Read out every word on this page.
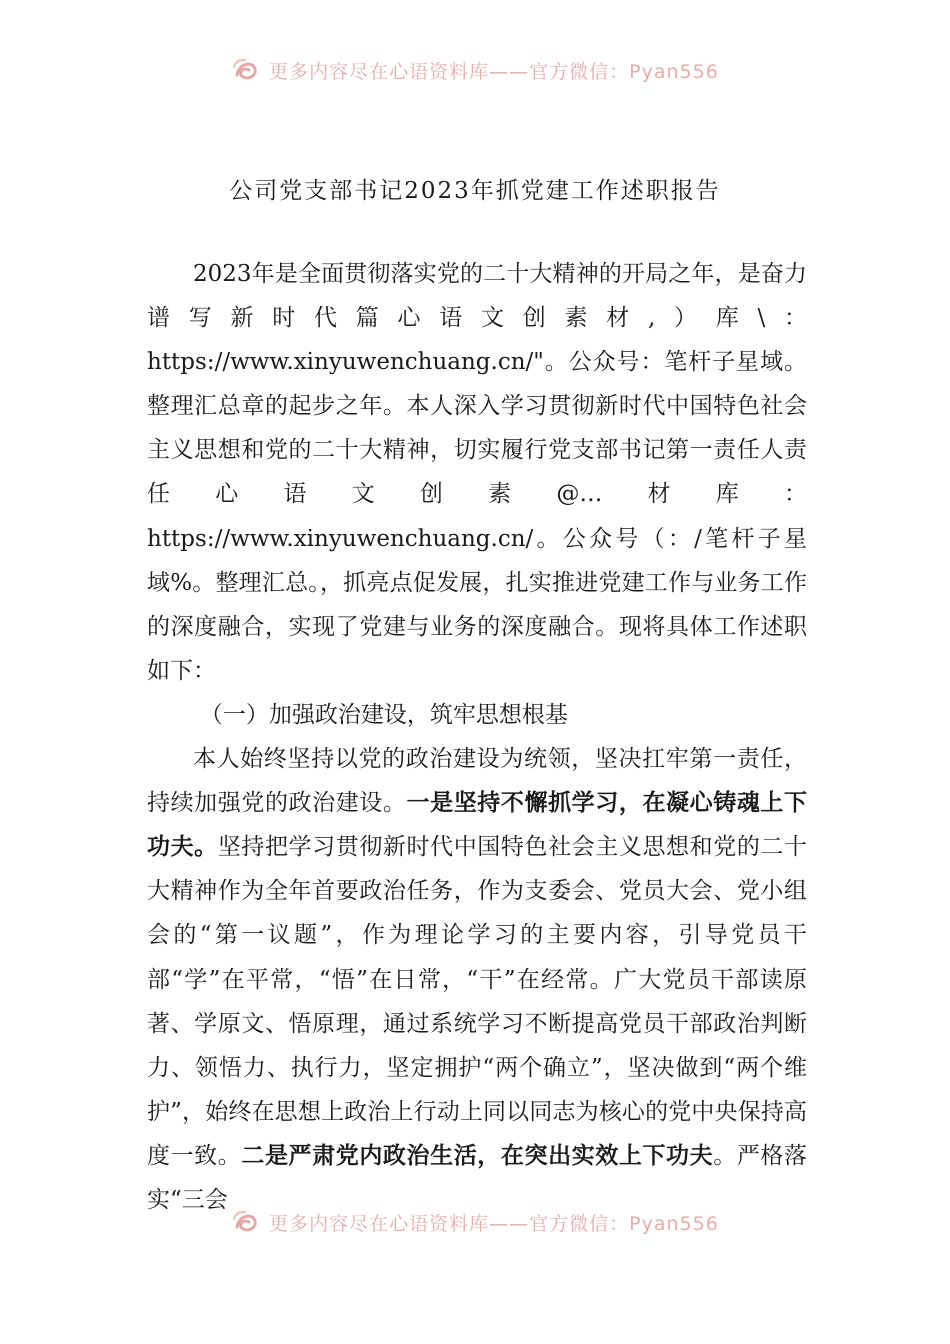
更多内容尽在心语资料库——官方微信：Pyan556
公司党支部书记2023年抓党建工作述职报告

2023年是全面贯彻落实党的二十大精神的开局之年，是奋力谱写新时代篇心语文创素材,）库\：https://www.xinyuwenchuang.cn/"。公众号：笔杆子星域。整理汇总章的起步之年。本人深入学习贯彻新时代中国特色社会主义思想和党的二十大精神，切实履行党支部书记第一责任人责任心语文创素@…材库：https://www.xinyuwenchuang.cn/。公众号（：/笔杆子星域%。整理汇总。，抓亮点促发展，扎实推进党建工作与业务工作的深度融合，实现了党建与业务的深度融合。现将具体工作述职如下：

（一）加强政治建设，筑牢思想根基

本人始终坚持以党的政治建设为统领，坚决扛牢第一责任，持续加强党的政治建设。一是坚持不懈抓学习，在凝心铸魂上下功夫。坚持把学习贯彻新时代中国特色社会主义思想和党的二十大精神作为全年首要政治任务，作为支委会、党员大会、党小组会的“第一议题”，作为理论学习的主要内容，引导党员干部“学”在平常，“悟”在日常，“干”在经常。广大党员干部读原著、学原文、悟原理，通过系统学习不断提高党员干部政治判断力、领悟力、执行力，坚定拥护“两个确立”，坚决做到“两个维护”，始终在思想上政治上行动上同以同志为核心的党中央保持高度一致。二是严肃党内政治生活，在突出实效上下功夫。严格落实“三会

更多内容尽在心语资料库——官方微信：Pyan556
